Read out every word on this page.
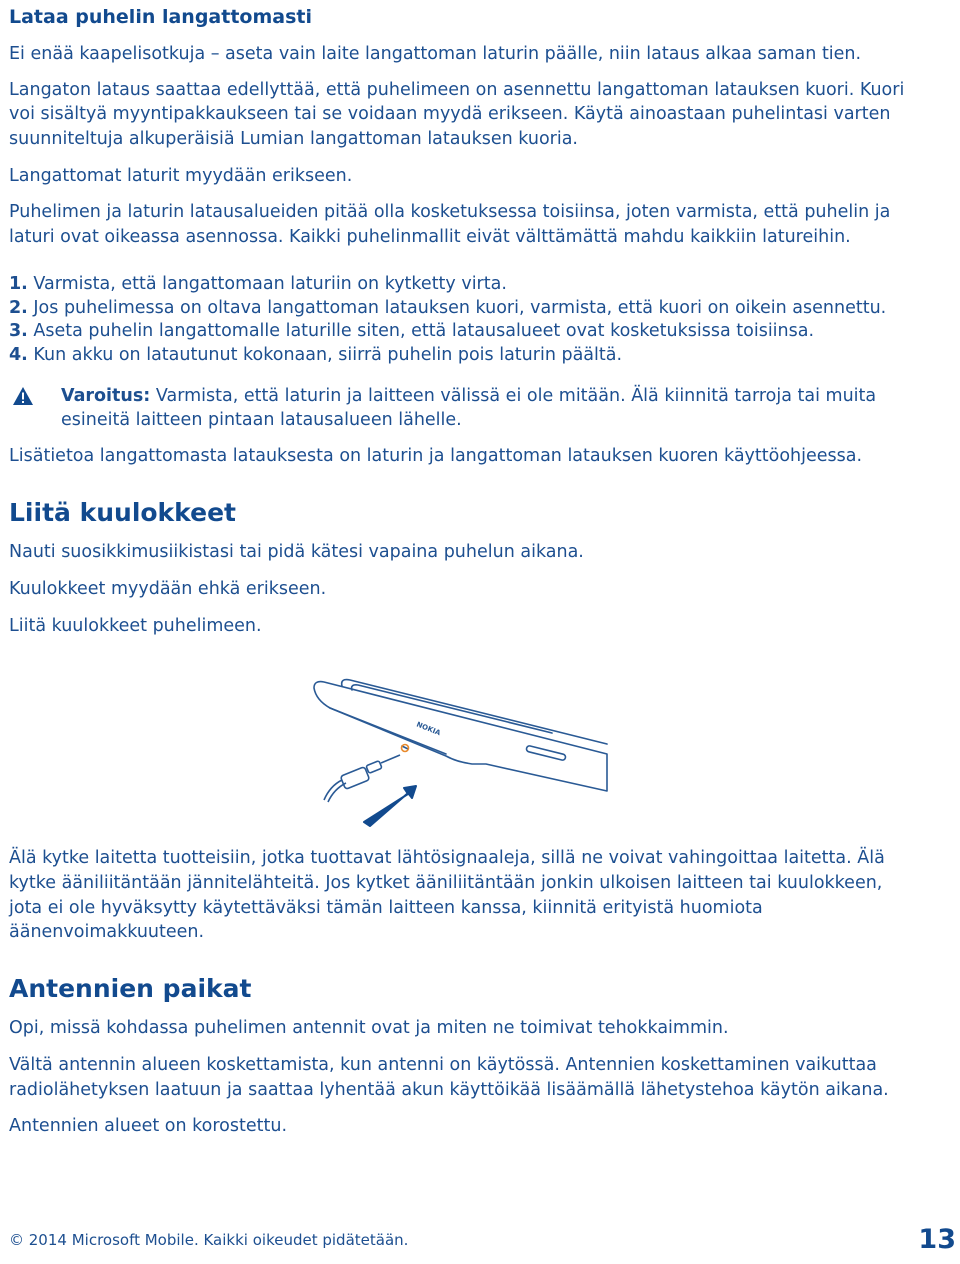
Lataa puhelin langattomasti

Ei enää kaapelisotkuja – aseta vain laite langattoman laturin päälle, niin lataus alkaa saman tien.

Langaton lataus saattaa edellyttää, että puhelimeen on asennettu langattoman latauksen kuori. Kuori

voi sisältyä myyntipakkaukseen tai se voidaan myydä erikseen. Käytä ainoastaan puhelintasi varten

suunniteltuja alkuperäisiä Lumian langattoman latauksen kuoria.

Langattomat laturit myydään erikseen.

Puhelimen ja laturin latausalueiden pitää olla kosketuksessa toisiinsa, joten varmista, että puhelin ja

laturi ovat oikeassa asennossa. Kaikki puhelinmallit eivät välttämättä mahdu kaikkiin latureihin.

1. Varmista, että langattomaan laturiin on kytketty virta.
2. Jos puhelimessa on oltava langattoman latauksen kuori, varmista, että kuori on oikein asennettu.
3. Aseta puhelin langattomalle laturille siten, että latausalueet ovat kosketuksissa toisiinsa.
4. Kun akku on latautunut kokonaan, siirrä puhelin pois laturin päältä.

Varoitus: Varmista, että laturin ja laitteen välissä ei ole mitään. Älä kiinnitä tarroja tai muita

esineitä laitteen pintaan latausalueen lähelle.

Lisätietoa langattomasta latauksesta on laturin ja langattoman latauksen kuoren käyttöohjeessa.

Liitä kuulokkeet

Nauti suosikkimusiikistasi tai pidä kätesi vapaina puhelun aikana.

Kuulokkeet myydään ehkä erikseen.

Liitä kuulokkeet puhelimeen.

NOKIA

Älä kytke laitetta tuotteisiin, jotka tuottavat lähtösignaaleja, sillä ne voivat vahingoittaa laitetta. Älä

kytke ääniliitäntään jännitelähteitä. Jos kytket ääniliitäntään jonkin ulkoisen laitteen tai kuulokkeen,

jota ei ole hyväksytty käytettäväksi tämän laitteen kanssa, kiinnitä erityistä huomiota

äänenvoimakkuuteen.

Antennien paikat

Opi, missä kohdassa puhelimen antennit ovat ja miten ne toimivat tehokkaimmin.

Vältä antennin alueen koskettamista, kun antenni on käytössä. Antennien koskettaminen vaikuttaa

radiolähetyksen laatuun ja saattaa lyhentää akun käyttöikää lisäämällä lähetystehoa käytön aikana.

Antennien alueet on korostettu.

© 2014 Microsoft Mobile. Kaikki oikeudet pidätetään.	13
